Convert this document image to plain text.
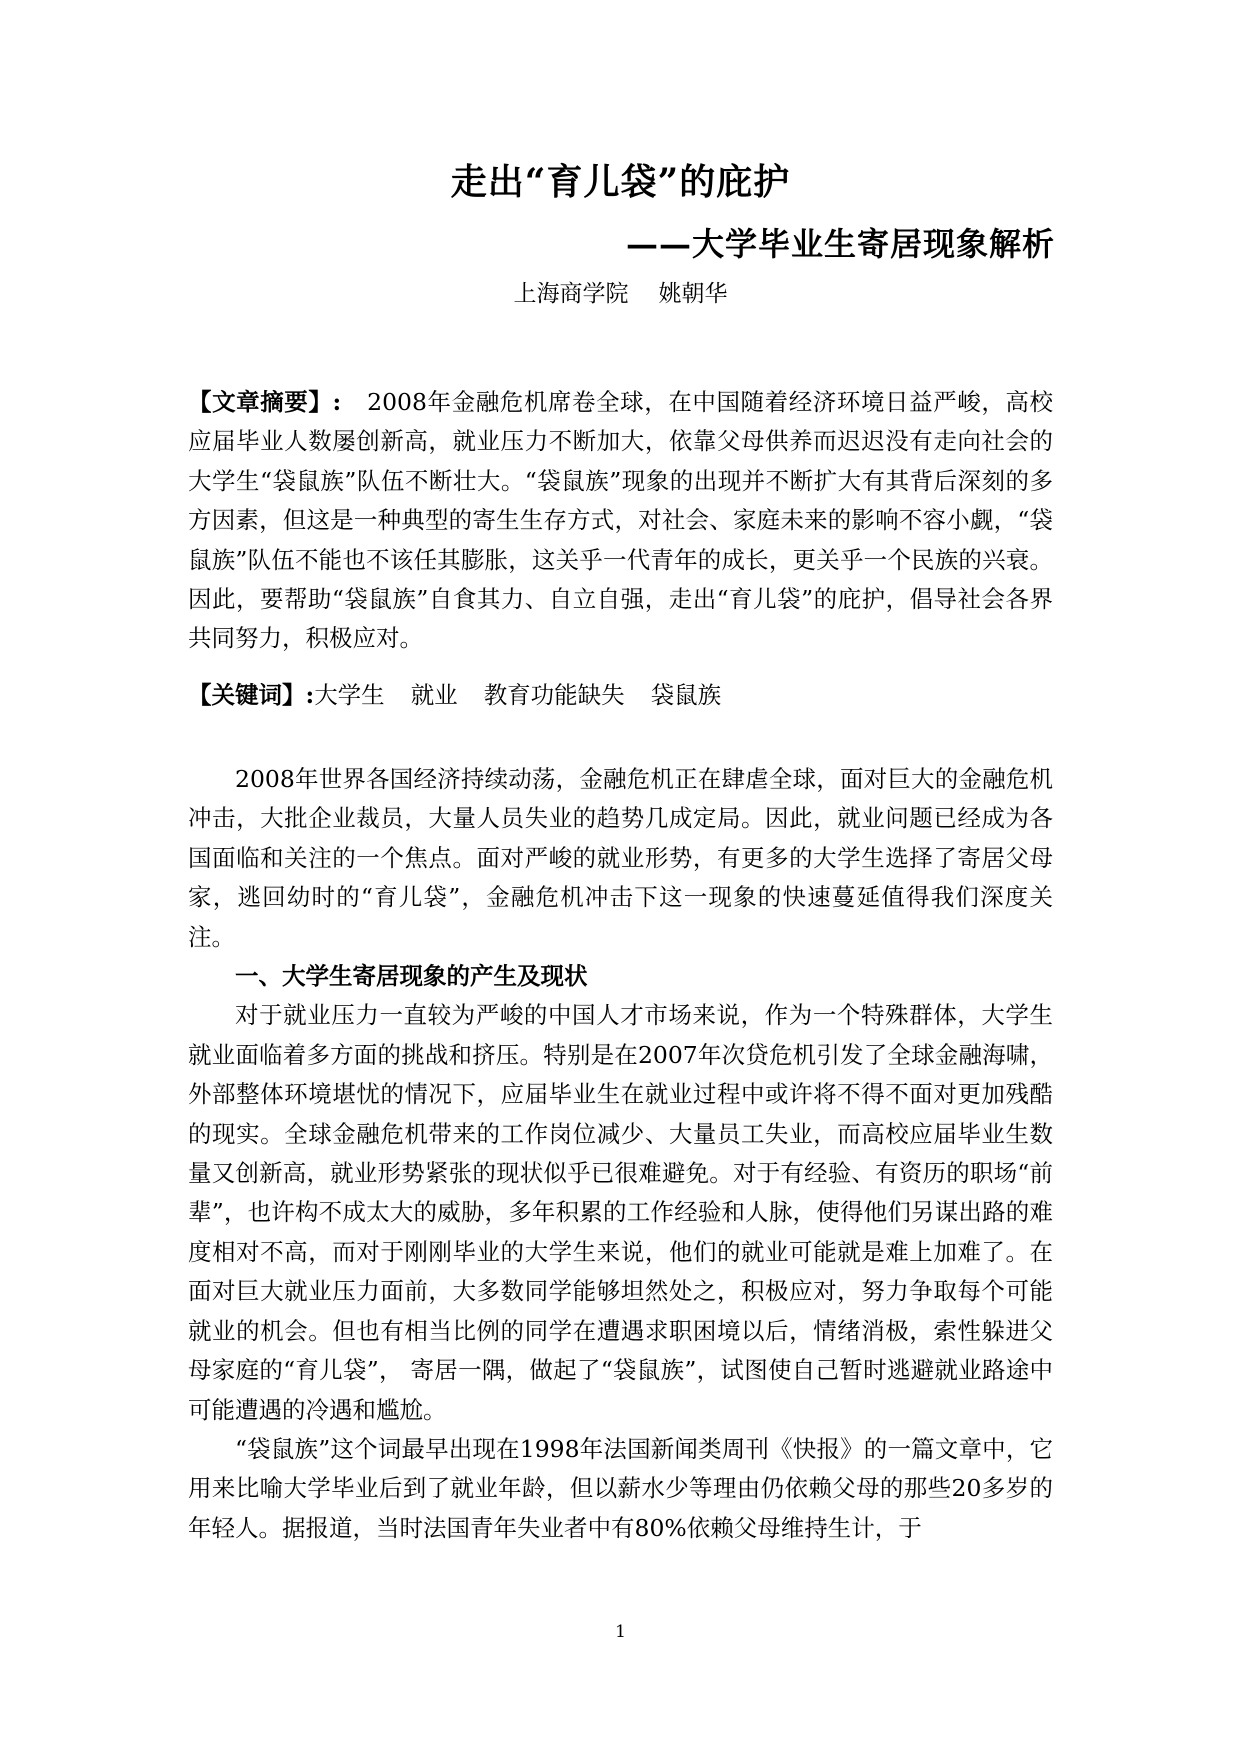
走出“育儿袋”的庇护
——大学毕业生寄居现象解析
上海商学院 姚朝华

【文章摘要】: 2008年金融危机席卷全球，在中国随着经济环境日益严峻，高校应届毕业人数屡创新高，就业压力不断加大，依靠父母供养而迟迟没有走向社会的大学生“袋鼠族”队伍不断壮大。“袋鼠族”现象的出现并不断扩大有其背后深刻的多方因素，但这是一种典型的寄生生存方式，对社会、家庭未来的影响不容小觑，“袋鼠族”队伍不能也不该任其膨胀，这关乎一代青年的成长，更关乎一个民族的兴衰。因此，要帮助“袋鼠族”自食其力、自立自强，走出“育儿袋”的庇护，倡导社会各界共同努力，积极应对。

【关键词】:大学生 就业 教育功能缺失 袋鼠族

2008年世界各国经济持续动荡，金融危机正在肆虐全球，面对巨大的金融危机冲击，大批企业裁员，大量人员失业的趋势几成定局。因此，就业问题已经成为各国面临和关注的一个焦点。面对严峻的就业形势，有更多的大学生选择了寄居父母家，逃回幼时的“育儿袋”，金融危机冲击下这一现象的快速蔓延值得我们深度关注。

一、大学生寄居现象的产生及现状

对于就业压力一直较为严峻的中国人才市场来说，作为一个特殊群体，大学生就业面临着多方面的挑战和挤压。特别是在2007年次贷危机引发了全球金融海啸，外部整体环境堪忧的情况下，应届毕业生在就业过程中或许将不得不面对更加残酷的现实。全球金融危机带来的工作岗位减少、大量员工失业，而高校应届毕业生数量又创新高，就业形势紧张的现状似乎已很难避免。对于有经验、有资历的职场“前辈”，也许构不成太大的威胁，多年积累的工作经验和人脉，使得他们另谋出路的难度相对不高，而对于刚刚毕业的大学生来说，他们的就业可能就是难上加难了。在面对巨大就业压力面前，大多数同学能够坦然处之，积极应对，努力争取每个可能就业的机会。但也有相当比例的同学在遭遇求职困境以后，情绪消极，索性躲进父母家庭的“育儿袋”， 寄居一隅，做起了“袋鼠族”，试图使自己暂时逃避就业路途中可能遭遇的冷遇和尴尬。

“袋鼠族”这个词最早出现在1998年法国新闻类周刊《快报》的一篇文章中，它用来比喻大学毕业后到了就业年龄，但以薪水少等理由仍依赖父母的那些20多岁的年轻人。据报道，当时法国青年失业者中有80%依赖父母维持生计，于

1
